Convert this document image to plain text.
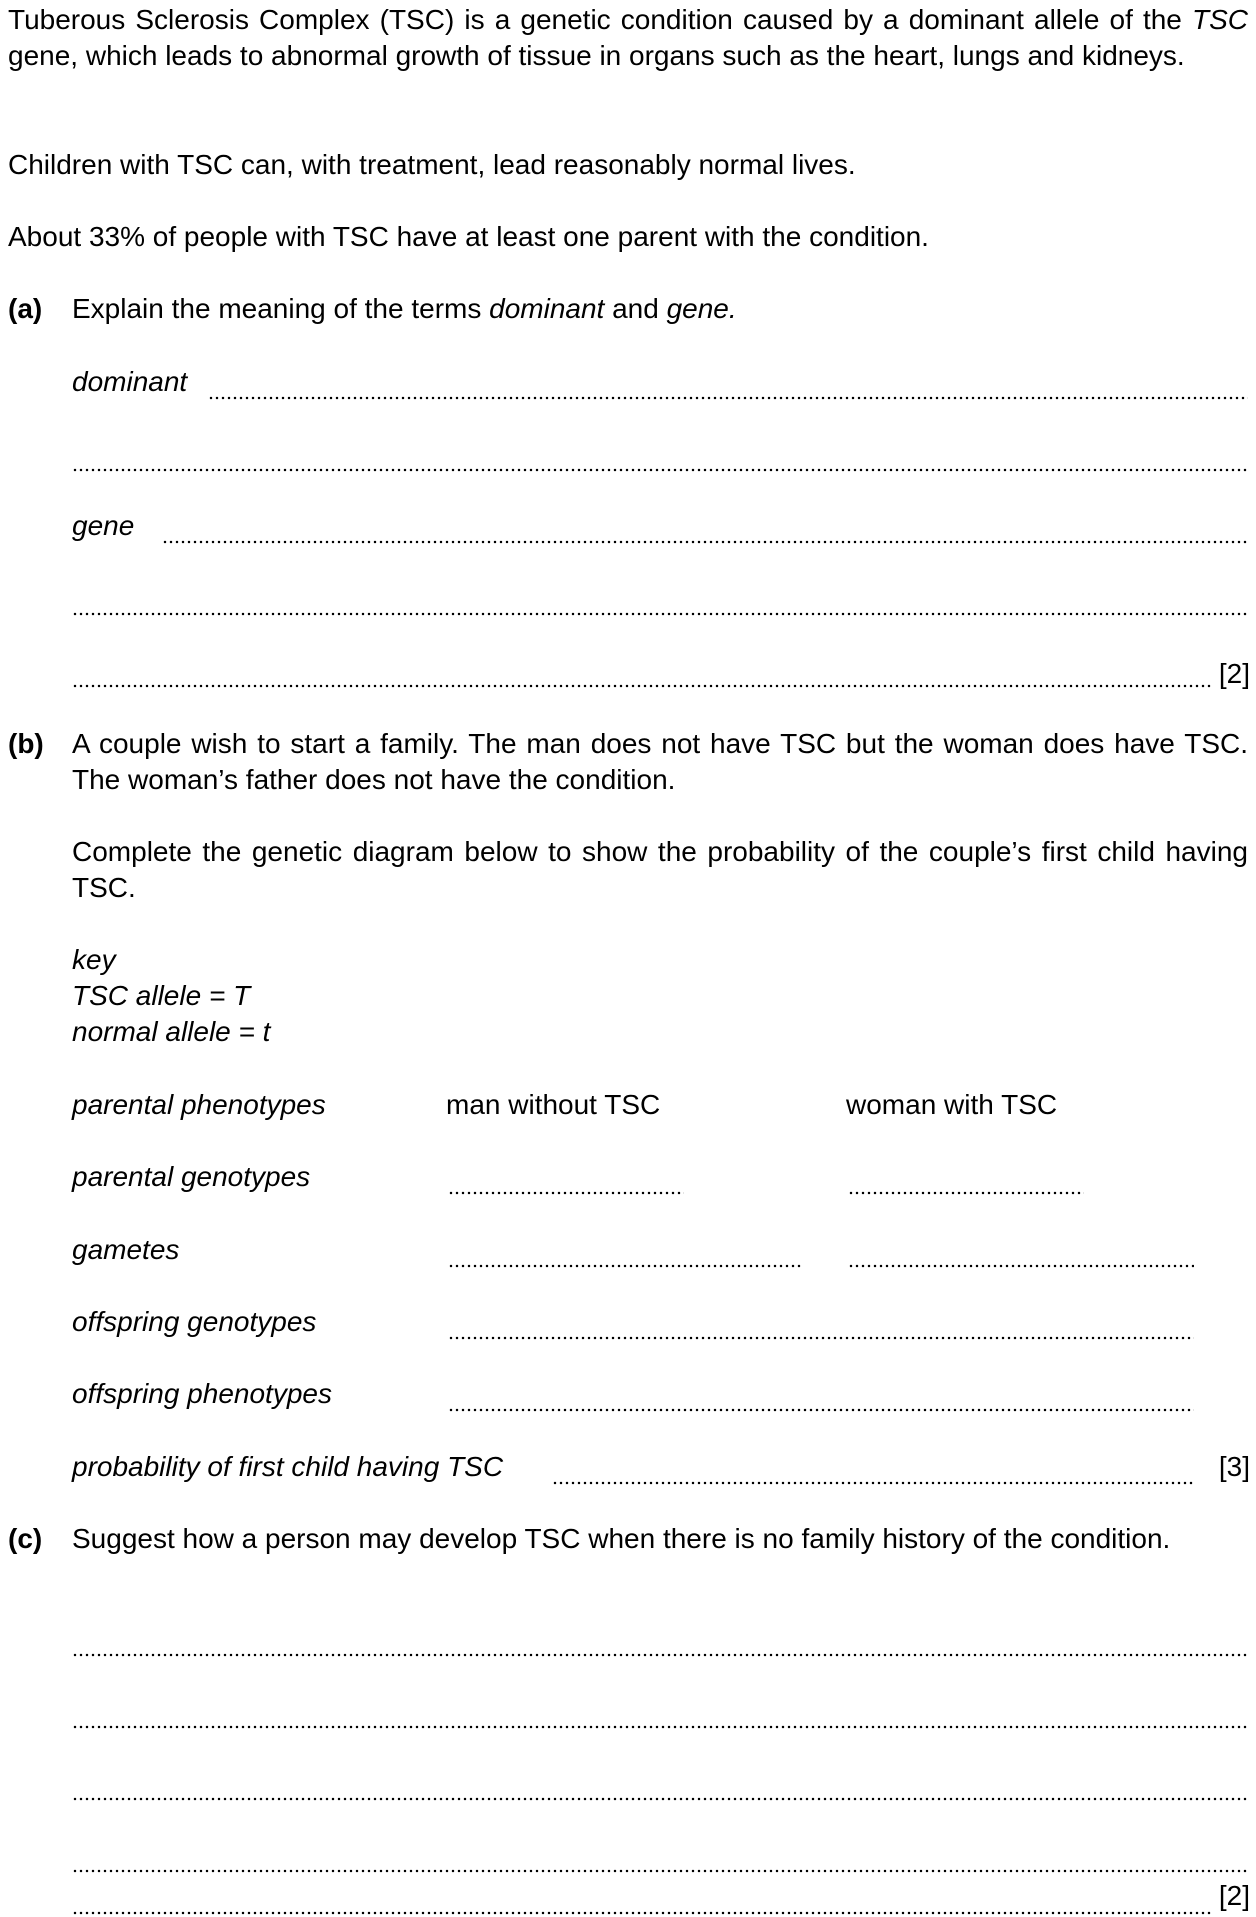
Tuberous Sclerosis Complex (TSC) is a genetic condition caused by a dominant allele of the TSC gene, which leads to abnormal growth of tissue in organs such as the heart, lungs and kidneys.
Children with TSC can, with treatment, lead reasonably normal lives.
About 33% of people with TSC have at least one parent with the condition.
(a) Explain the meaning of the terms dominant and gene.
dominant
gene
[2]
(b) A couple wish to start a family. The man does not have TSC but the woman does have TSC. The woman’s father does not have the condition.
Complete the genetic diagram below to show the probability of the couple’s first child having TSC.
key
TSC allele = T
normal allele = t
parental phenotypes	man without TSC	woman with TSC
parental genotypes
gametes
offspring genotypes
offspring phenotypes
probability of first child having TSC	[3]
(c) Suggest how a person may develop TSC when there is no family history of the condition.
[2]
